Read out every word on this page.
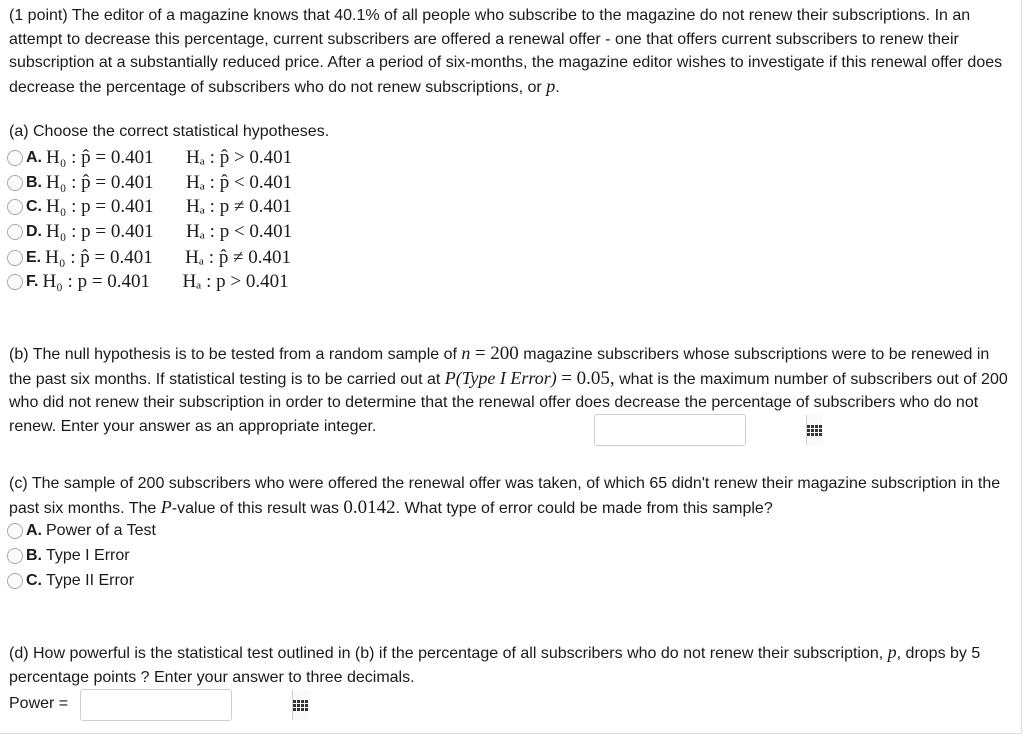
(1 point) The editor of a magazine knows that 40.1% of all people who subscribe to the magazine do not renew their subscriptions. In an attempt to decrease this percentage, current subscribers are offered a renewal offer - one that offers current subscribers to renew their subscription at a substantially reduced price. After a period of six-months, the magazine editor wishes to investigate if this renewal offer does decrease the percentage of subscribers who do not renew subscriptions, or p.

(a) Choose the correct statistical hypotheses.

A. H₀ : p̂ = 0.401 Hₐ : p̂ > 0.401
B. H₀ : p̂ = 0.401 Hₐ : p̂ < 0.401
C. H₀ : p = 0.401 Hₐ : p ≠ 0.401
D. H₀ : p = 0.401 Hₐ : p < 0.401
E. H₀ : p̂ = 0.401 Hₐ : p̂ ≠ 0.401
F. H₀ : p = 0.401 Hₐ : p > 0.401

(b) The null hypothesis is to be tested from a random sample of n = 200 magazine subscribers whose subscriptions were to be renewed in the past six months. If statistical testing is to be carried out at P(Type I Error) = 0.05, what is the maximum number of subscribers out of 200 who did not renew their subscription in order to determine that the renewal offer does decrease the percentage of subscribers who do not renew. Enter your answer as an appropriate integer.

(c) The sample of 200 subscribers who were offered the renewal offer was taken, of which 65 didn't renew their magazine subscription in the past six months. The P-value of this result was 0.0142. What type of error could be made from this sample?

A. Power of a Test
B. Type I Error
C. Type II Error

(d) How powerful is the statistical test outlined in (b) if the percentage of all subscribers who do not renew their subscription, p, drops by 5 percentage points ? Enter your answer to three decimals.

Power =
